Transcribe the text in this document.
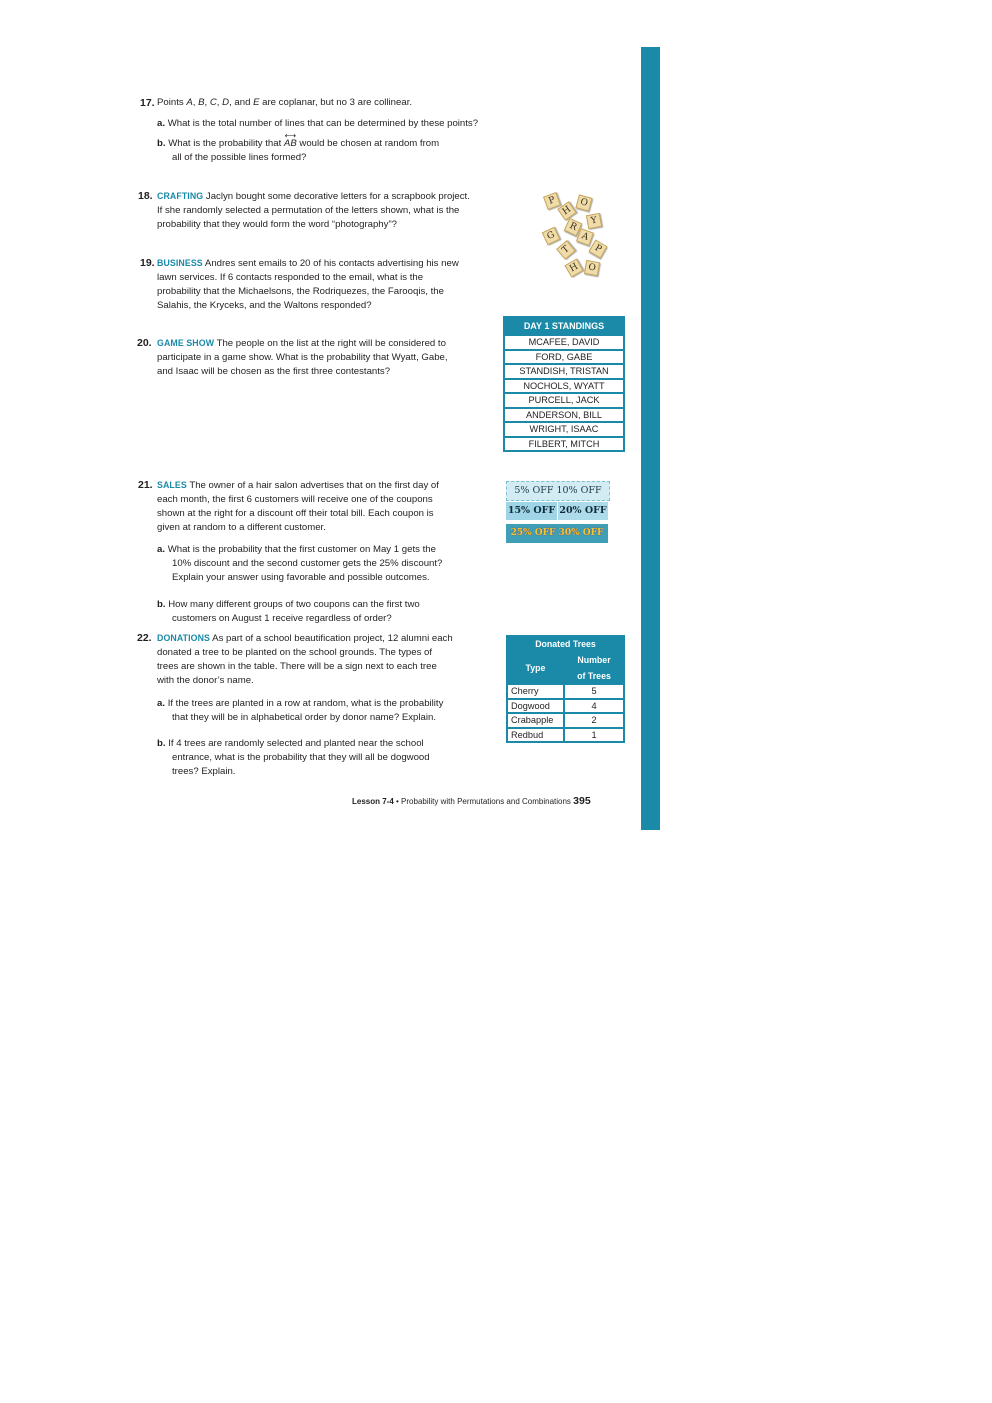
17. Points A, B, C, D, and E are coplanar, but no 3 are collinear.
a. What is the total number of lines that can be determined by these points?
b. What is the probability that
⟷
AB would be chosen at random from
all of the possible lines formed?
18. CRAFTING Jaclyn bought some decorative letters for a scrapbook project.
If she randomly selected a permutation of the letters shown, what is the
probability that they would form the word “photography”?
P	O
H
R
Y
G	A
T	P
H O
19. BUSINESS Andres sent emails to 20 of his contacts advertising his new
lawn services. If 6 contacts responded to the email, what is the
probability that the Michaelsons, the Rodriquezes, the Farooqis, the
Salahis, the Kryceks, and the Waltons responded?
20. GAME SHOW The people on the list at the right will be considered to
participate in a game show. What is the probability that Wyatt, Gabe,
and Isaac will be chosen as the first three contestants?
DAY 1 STANDINGS
MCAFEE, DAVID
FORD, GABE
STANDISH, TRISTAN
NOCHOLS, WYATT
PURCELL, JACK
ANDERSON, BILL
WRIGHT, ISAAC
FILBERT, MITCH
21. SALES The owner of a hair salon advertises that on the first day of
each month, the first 6 customers will receive one of the coupons
shown at the right for a discount off their total bill. Each coupon is
given at random to a different customer.
a. What is the probability that the first customer on May 1 gets the
10% discount and the second customer gets the 25% discount?
Explain your answer using favorable and possible outcomes.
b. How many different groups of two coupons can the first two
customers on August 1 receive regardless of order?
5% OFF 10% OFF
15% OFF 20% OFF
25% OFF 30% OFF
22. DONATIONS As part of a school beautification project, 12 alumni each
donated a tree to be planted on the school grounds. The types of
trees are shown in the table. There will be a sign next to each tree
with the donor’s name.
a. If the trees are planted in a row at random, what is the probability
that they will be in alphabetical order by donor name? Explain.
b. If 4 trees are randomly selected and planted near the school
entrance, what is the probability that they will all be dogwood
trees? Explain.
Donated Trees	
Type	Number
	of Trees
Cherry	5
Dogwood	4
Crabapple	2
Redbud	1
Lesson 7-4 • Probability with Permutations and Combinations 395
